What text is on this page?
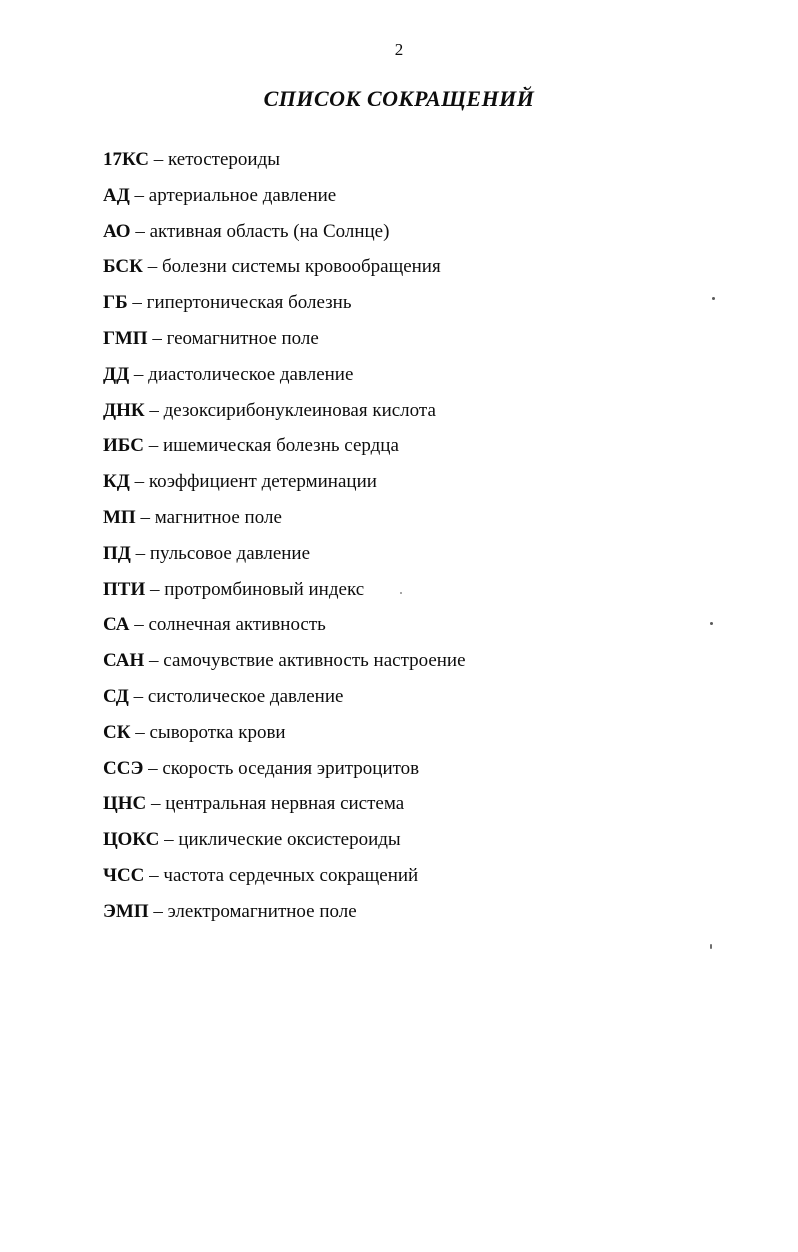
2
СПИСОК СОКРАЩЕНИЙ
17КС – кетостероиды
АД – артериальное давление
АО – активная область (на Солнце)
БСК – болезни системы кровообращения
ГБ – гипертоническая болезнь
ГМП – геомагнитное поле
ДД – диастолическое давление
ДНК – дезоксирибонуклеиновая кислота
ИБС – ишемическая болезнь сердца
КД – коэффициент детерминации
МП – магнитное поле
ПД – пульсовое давление
ПТИ – протромбиновый индекс
СА – солнечная активность
САН – самочувствие активность настроение
СД – систолическое давление
СК – сыворотка крови
ССЭ – скорость оседания эритроцитов
ЦНС – центральная нервная система
ЦОКС – циклические оксистероиды
ЧСС – частота сердечных сокращений
ЭМП – электромагнитное поле
